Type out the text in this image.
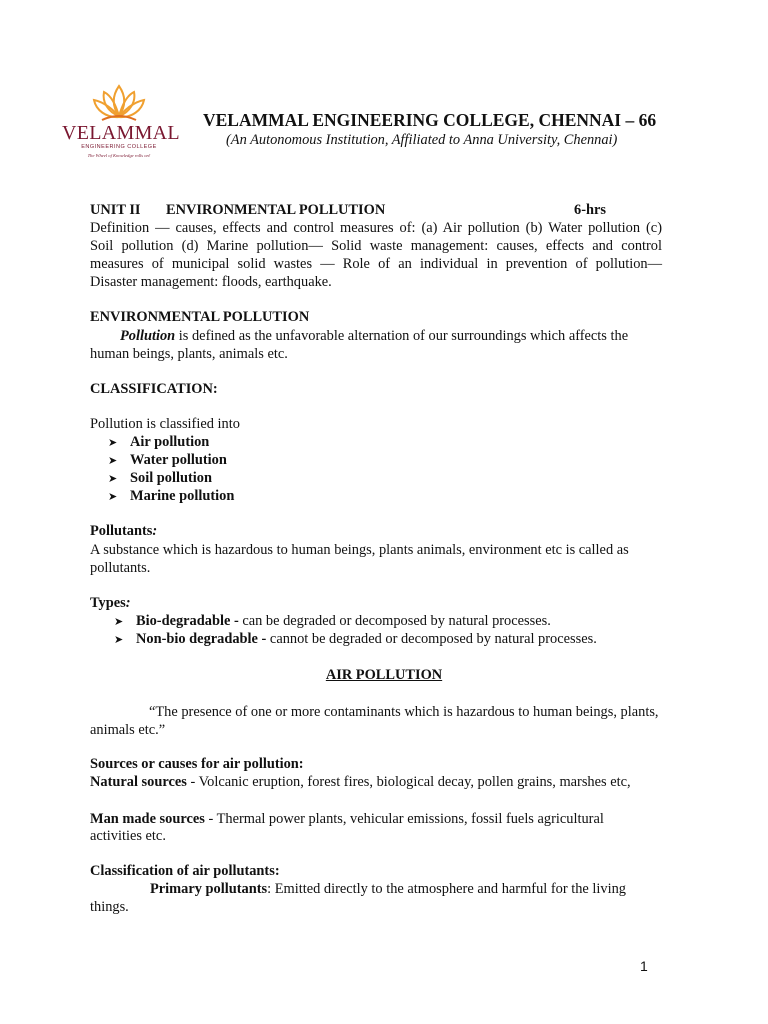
VELAMMAL
ENGINEERING COLLEGE
The Wheel of Knowledge rolls on!
VELAMMAL ENGINEERING COLLEGE, CHENNAI – 66
(An Autonomous Institution, Affiliated to Anna University, Chennai)
UNIT II ENVIRONMENTAL POLLUTION	6-hrs
Definition — causes, effects and control measures of: (a) Air pollution (b) Water pollution (c)
Soil pollution (d) Marine pollution— Solid waste management: causes, effects and control
measures of municipal solid wastes — Role of an individual in prevention of pollution—
Disaster management: floods, earthquake.
ENVIRONMENTAL POLLUTION
Pollution is defined as the unfavorable alternation of our surroundings which affects the
human beings, plants, animals etc.
CLASSIFICATION:
Pollution is classified into
➤ Air pollution
➤ Water pollution
➤ Soil pollution
➤ Marine pollution
Pollutants:
A substance which is hazardous to human beings, plants animals, environment etc is called as
pollutants.
Types:
➤ Bio-degradable - can be degraded or decomposed by natural processes.
➤ Non-bio degradable - cannot be degraded or decomposed by natural processes.
AIR POLLUTION
“The presence of one or more contaminants which is hazardous to human beings, plants,
animals etc.”
Sources or causes for air pollution:
Natural sources - Volcanic eruption, forest fires, biological decay, pollen grains, marshes etc,
Man made sources - Thermal power plants, vehicular emissions, fossil fuels agricultural
activities etc.
Classification of air pollutants:
Primary pollutants: Emitted directly to the atmosphere and harmful for the living
things.
1
